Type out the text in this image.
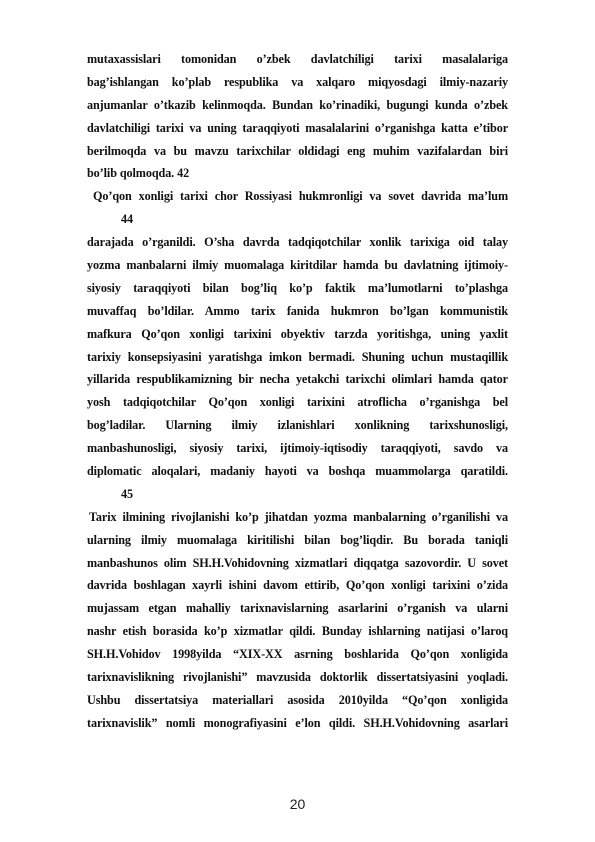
mutaxassislari tomonidan o’zbek davlatchiligi tarixi masalalariga
bag’ishlangan ko’plab respublika va xalqaro miqyosdagi ilmiy-nazariy
anjumanlar o’tkazib kelinmoqda. Bundan ko’rinadiki, bugungi kunda o’zbek
davlatchiligi tarixi va uning taraqqiyoti masalalarini o’rganishga katta e’tibor
berilmoqda va bu mavzu tarixchilar oldidagi eng muhim vazifalardan biri
bo’lib qolmoqda. 42
Qo’qon xonligi tarixi chor Rossiyasi hukmronligi va sovet davrida ma’lum
44
darajada o’rganildi. O’sha davrda tadqiqotchilar xonlik tarixiga oid talay
yozma manbalarni ilmiy muomalaga kiritdilar hamda bu davlatning ijtimoiy-
siyosiy taraqqiyoti bilan bog’liq ko’p faktik ma’lumotlarni to’plashga
muvaffaq bo’ldilar. Ammo tarix fanida hukmron bo’lgan kommunistik
mafkura Qo’qon xonligi tarixini obyektiv tarzda yoritishga, uning yaxlit
tarixiy konsepsiyasini yaratishga imkon bermadi. Shuning uchun mustaqillik
yillarida respublikamizning bir necha yetakchi tarixchi olimlari hamda qator
yosh tadqiqotchilar Qo’qon xonligi tarixini atroflicha o’rganishga bel
bog’ladilar. Ularning ilmiy izlanishlari xonlikning tarixshunosligi,
manbashunosligi, siyosiy tarixi, ijtimoiy-iqtisodiy taraqqiyoti, savdo va
diplomatic aloqalari, madaniy hayoti va boshqa muammolarga qaratildi.
45
Tarix ilmining rivojlanishi ko’p jihatdan yozma manbalarning o’rganilishi va
ularning ilmiy muomalaga kiritilishi bilan bog’liqdir. Bu borada taniqli
manbashunos olim SH.H.Vohidovning xizmatlari diqqatga sazovordir. U sovet
davrida boshlagan xayrli ishini davom ettirib, Qo’qon xonligi tarixini o’zida
mujassam etgan mahalliy tarixnavislarning asarlarini o’rganish va ularni
nashr etish borasida ko’p xizmatlar qildi. Bunday ishlarning natijasi o’laroq
SH.H.Vohidov 1998yilda “XIX-XX asrning boshlarida Qo’qon xonligida
tarixnavislikning rivojlanishi” mavzusida doktorlik dissertatsiyasini yoqladi.
Ushbu dissertatsiya materiallari asosida 2010yilda “Qo’qon xonligida
tarixnavislik” nomli monografiyasini e’lon qildi. SH.H.Vohidovning asarlari
20
